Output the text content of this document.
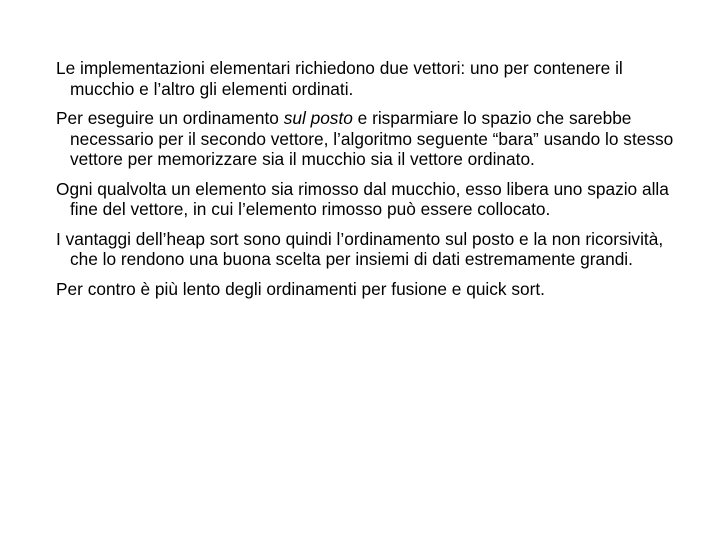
Le implementazioni elementari richiedono due vettori: uno per contenere il mucchio e l’altro gli elementi ordinati.

Per eseguire un ordinamento sul posto e risparmiare lo spazio che sarebbe necessario per il secondo vettore, l’algoritmo seguente “bara” usando lo stesso vettore per memorizzare sia il mucchio sia il vettore ordinato.

Ogni qualvolta un elemento sia rimosso dal mucchio, esso libera uno spazio alla fine del vettore, in cui l’elemento rimosso può essere collocato.

I vantaggi dell’heap sort sono quindi l’ordinamento sul posto e la non ricorsività, che lo rendono una buona scelta per insiemi di dati estremamente grandi.

Per contro è più lento degli ordinamenti per fusione e quick sort.
